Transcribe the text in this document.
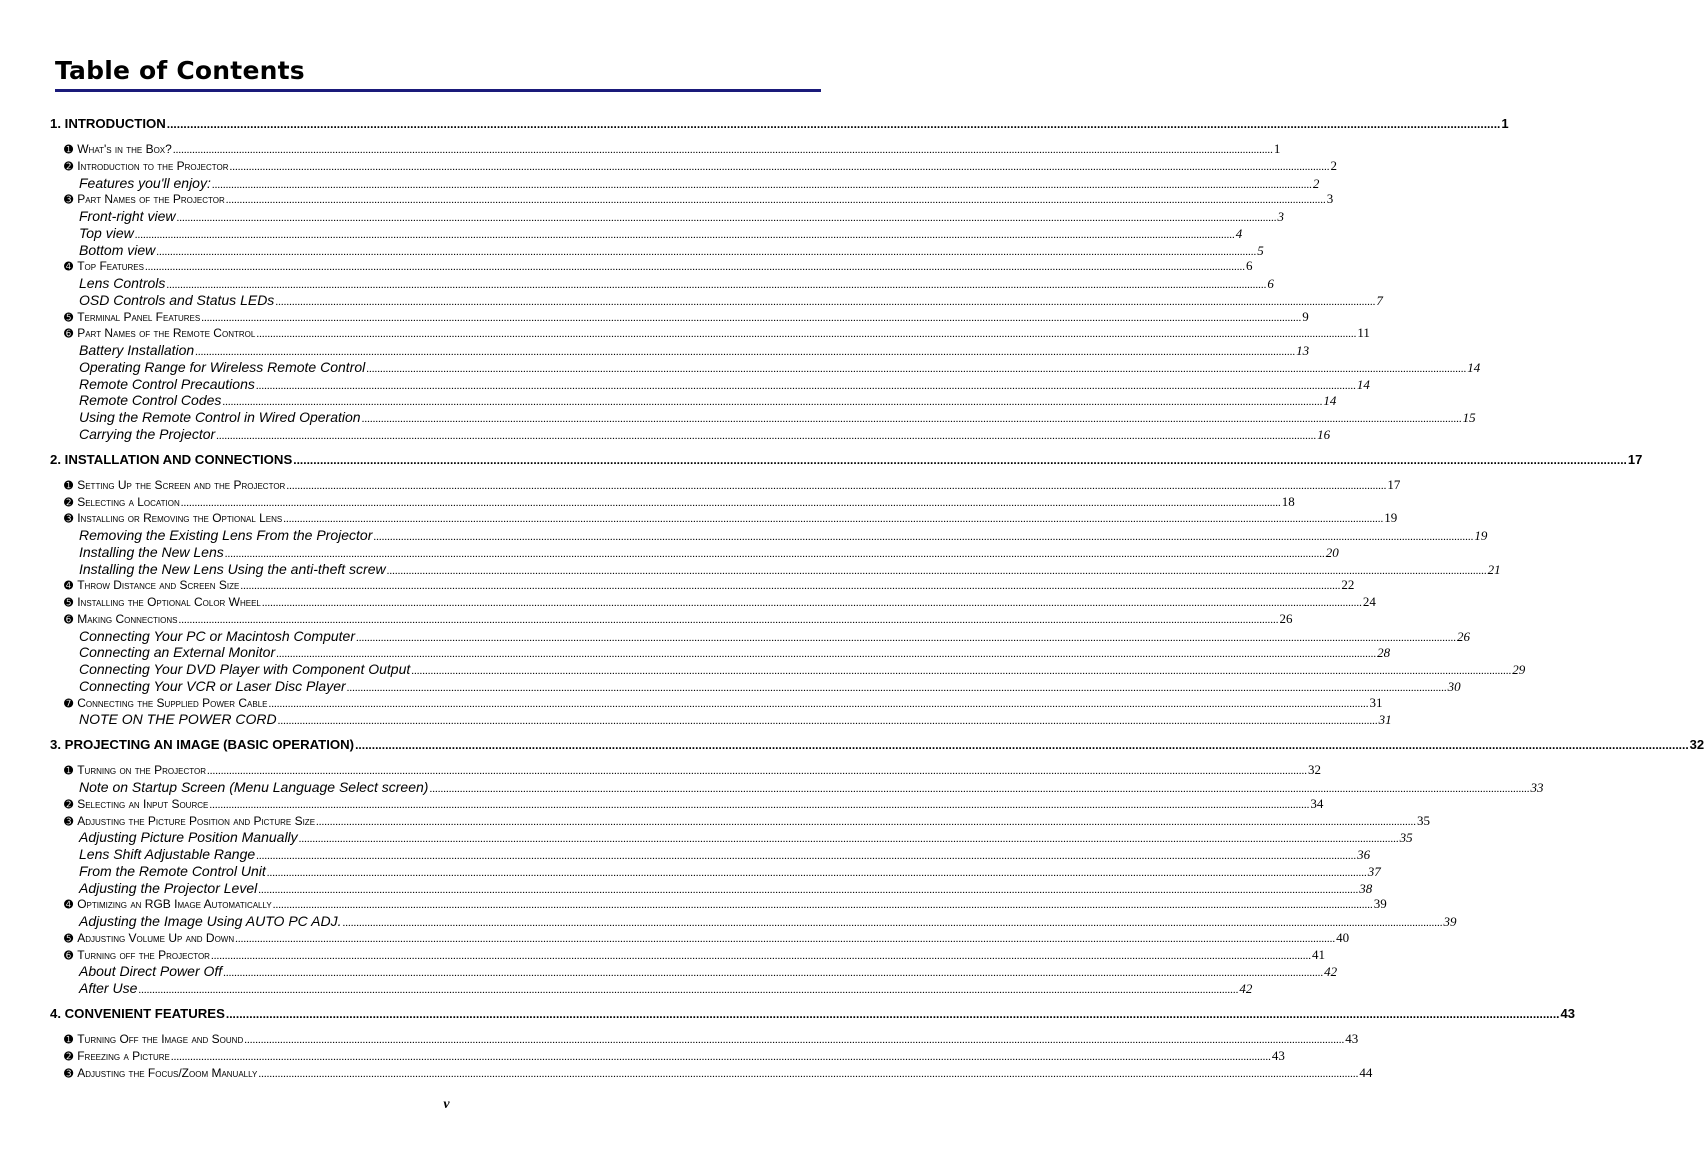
Table of Contents
1. INTRODUCTION ................................................................................................................................................................................................................................................................................................................................................................................................................ 1
➊ What's in the Box? ................................................................................................................................................................................................................................................................................................................................................................................................................ 1
➋ Introduction to the Projector ................................................................................................................................................................................................................................................................................................................................................................................................................ 2
Features you'll enjoy: ................................................................................................................................................................................................................................................................................................................................................................................................................ 2
➌ Part Names of the Projector ................................................................................................................................................................................................................................................................................................................................................................................................................ 3
Front-right view ................................................................................................................................................................................................................................................................................................................................................................................................................ 3
Top view ................................................................................................................................................................................................................................................................................................................................................................................................................ 4
Bottom view ................................................................................................................................................................................................................................................................................................................................................................................................................ 5
➍ Top Features ................................................................................................................................................................................................................................................................................................................................................................................................................ 6
Lens Controls ................................................................................................................................................................................................................................................................................................................................................................................................................ 6
OSD Controls and Status LEDs ................................................................................................................................................................................................................................................................................................................................................................................................................ 7
➎ Terminal Panel Features ................................................................................................................................................................................................................................................................................................................................................................................................................ 9
➏ Part Names of the Remote Control ................................................................................................................................................................................................................................................................................................................................................................................................................ 11
Battery Installation ................................................................................................................................................................................................................................................................................................................................................................................................................ 13
Operating Range for Wireless Remote Control ................................................................................................................................................................................................................................................................................................................................................................................................................ 14
Remote Control Precautions ................................................................................................................................................................................................................................................................................................................................................................................................................ 14
Remote Control Codes ................................................................................................................................................................................................................................................................................................................................................................................................................ 14
Using the Remote Control in Wired Operation ................................................................................................................................................................................................................................................................................................................................................................................................................ 15
Carrying the Projector ................................................................................................................................................................................................................................................................................................................................................................................................................ 16
2. INSTALLATION AND CONNECTIONS ................................................................................................................................................................................................................................................................................................................................................................................................................ 17
➊ Setting Up the Screen and the Projector ................................................................................................................................................................................................................................................................................................................................................................................................................ 17
➋ Selecting a Location ................................................................................................................................................................................................................................................................................................................................................................................................................ 18
➌ Installing or Removing the Optional Lens ................................................................................................................................................................................................................................................................................................................................................................................................................ 19
Removing the Existing Lens From the Projector ................................................................................................................................................................................................................................................................................................................................................................................................................ 19
Installing the New Lens ................................................................................................................................................................................................................................................................................................................................................................................................................ 20
Installing the New Lens Using the anti-theft screw ................................................................................................................................................................................................................................................................................................................................................................................................................ 21
➍ Throw Distance and Screen Size ................................................................................................................................................................................................................................................................................................................................................................................................................ 22
➎ Installing the Optional Color Wheel ................................................................................................................................................................................................................................................................................................................................................................................................................ 24
➏ Making Connections ................................................................................................................................................................................................................................................................................................................................................................................................................ 26
Connecting Your PC or Macintosh Computer ................................................................................................................................................................................................................................................................................................................................................................................................................ 26
Connecting an External Monitor ................................................................................................................................................................................................................................................................................................................................................................................................................ 28
Connecting Your DVD Player with Component Output ................................................................................................................................................................................................................................................................................................................................................................................................................ 29
Connecting Your VCR or Laser Disc Player ................................................................................................................................................................................................................................................................................................................................................................................................................ 30
➐ Connecting the Supplied Power Cable ................................................................................................................................................................................................................................................................................................................................................................................................................ 31
NOTE ON THE POWER CORD ................................................................................................................................................................................................................................................................................................................................................................................................................ 31
3. PROJECTING AN IMAGE (BASIC OPERATION) ................................................................................................................................................................................................................................................................................................................................................................................................................ 32
➊ Turning on the Projector ................................................................................................................................................................................................................................................................................................................................................................................................................ 32
Note on Startup Screen (Menu Language Select screen) ................................................................................................................................................................................................................................................................................................................................................................................................................ 33
➋ Selecting an Input Source ................................................................................................................................................................................................................................................................................................................................................................................................................ 34
➌ Adjusting the Picture Position and Picture Size ................................................................................................................................................................................................................................................................................................................................................................................................................ 35
Adjusting Picture Position Manually ................................................................................................................................................................................................................................................................................................................................................................................................................ 35
Lens Shift Adjustable Range ................................................................................................................................................................................................................................................................................................................................................................................................................ 36
From the Remote Control Unit ................................................................................................................................................................................................................................................................................................................................................................................................................ 37
Adjusting the Projector Level ................................................................................................................................................................................................................................................................................................................................................................................................................ 38
➍ Optimizing an RGB Image Automatically ................................................................................................................................................................................................................................................................................................................................................................................................................ 39
Adjusting the Image Using AUTO PC ADJ. ................................................................................................................................................................................................................................................................................................................................................................................................................ 39
➎ Adjusting Volume Up and Down ................................................................................................................................................................................................................................................................................................................................................................................................................ 40
➏ Turning off the Projector ................................................................................................................................................................................................................................................................................................................................................................................................................ 41
About Direct Power Off ................................................................................................................................................................................................................................................................................................................................................................................................................ 42
After Use ................................................................................................................................................................................................................................................................................................................................................................................................................ 42
4. CONVENIENT FEATURES ................................................................................................................................................................................................................................................................................................................................................................................................................ 43
➊ Turning Off the Image and Sound ................................................................................................................................................................................................................................................................................................................................................................................................................ 43
➋ Freezing a Picture ................................................................................................................................................................................................................................................................................................................................................................................................................ 43
➌ Adjusting the Focus/Zoom Manually ................................................................................................................................................................................................................................................................................................................................................................................................................ 44
v
